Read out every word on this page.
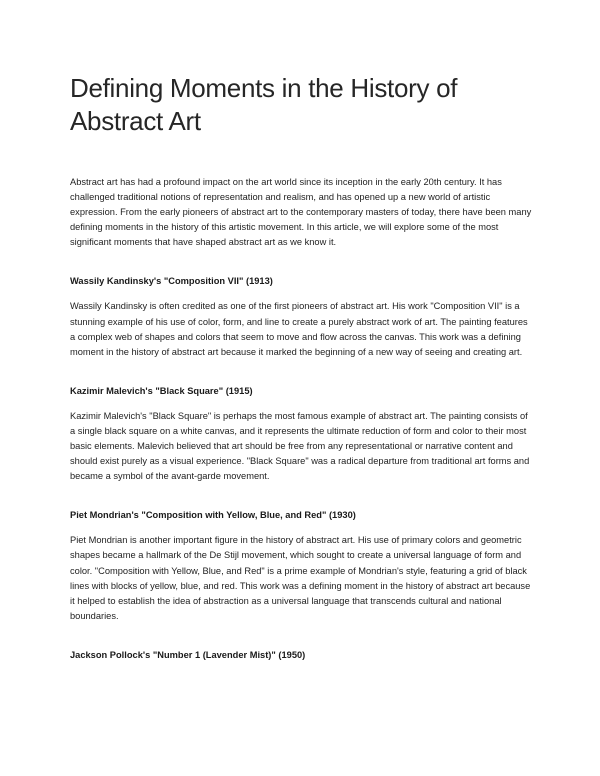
Defining Moments in the History of Abstract Art

Abstract art has had a profound impact on the art world since its inception in the early 20th century. It has challenged traditional notions of representation and realism, and has opened up a new world of artistic expression. From the early pioneers of abstract art to the contemporary masters of today, there have been many defining moments in the history of this artistic movement. In this article, we will explore some of the most significant moments that have shaped abstract art as we know it.

Wassily Kandinsky's "Composition VII" (1913)

Wassily Kandinsky is often credited as one of the first pioneers of abstract art. His work "Composition VII" is a stunning example of his use of color, form, and line to create a purely abstract work of art. The painting features a complex web of shapes and colors that seem to move and flow across the canvas. This work was a defining moment in the history of abstract art because it marked the beginning of a new way of seeing and creating art.

Kazimir Malevich's "Black Square" (1915)

Kazimir Malevich's "Black Square" is perhaps the most famous example of abstract art. The painting consists of a single black square on a white canvas, and it represents the ultimate reduction of form and color to their most basic elements. Malevich believed that art should be free from any representational or narrative content and should exist purely as a visual experience. "Black Square" was a radical departure from traditional art forms and became a symbol of the avant-garde movement.

Piet Mondrian's "Composition with Yellow, Blue, and Red" (1930)

Piet Mondrian is another important figure in the history of abstract art. His use of primary colors and geometric shapes became a hallmark of the De Stijl movement, which sought to create a universal language of form and color. "Composition with Yellow, Blue, and Red" is a prime example of Mondrian's style, featuring a grid of black lines with blocks of yellow, blue, and red. This work was a defining moment in the history of abstract art because it helped to establish the idea of abstraction as a universal language that transcends cultural and national boundaries.

Jackson Pollock's "Number 1 (Lavender Mist)" (1950)
